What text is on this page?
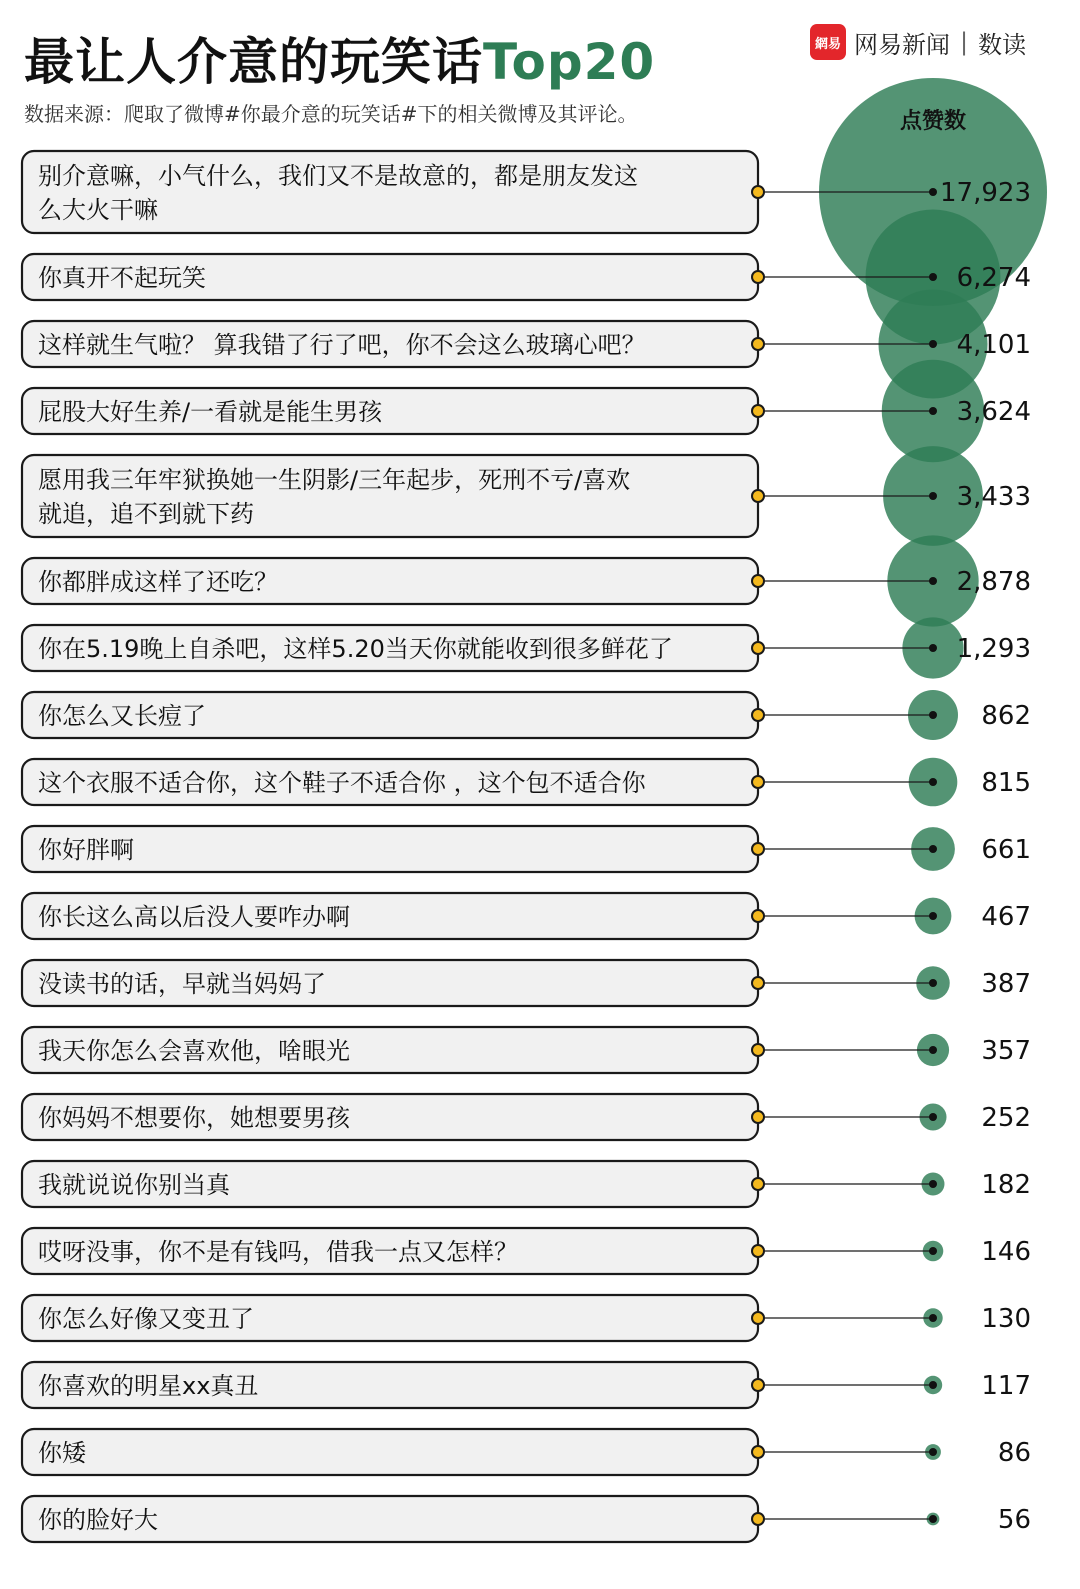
最让人介意的玩笑话Top20	網易 网易新闻 | 数读
数据来源：爬取了微博#你最介意的玩笑话#下的相关微博及其评论。	点赞数
别介意嘛，小气什么，我们又不是故意的，都是朋友发这
么大火干嘛
17,923
你真开不起玩笑	6,274
这样就生气啦？ 算我错了行了吧，你不会这么玻璃心吧？	4,101
屁股大好生养/一看就是能生男孩	3,624
愿用我三年牢狱换她一生阴影/三年起步，死刑不亏/喜欢
就追，追不到就下药
3,433
你都胖成这样了还吃？	2,878
你在5.19晚上自杀吧，这样5.20当天你就能收到很多鲜花了	1,293
你怎么又长痘了	862
这个衣服不适合你，这个鞋子不适合你 ，这个包不适合你	815
你好胖啊	661
你长这么高以后没人要咋办啊	467
没读书的话，早就当妈妈了	387
我天你怎么会喜欢他，啥眼光	357
你妈妈不想要你，她想要男孩	252
我就说说你别当真	182
哎呀没事，你不是有钱吗，借我一点又怎样？	146
你怎么好像又变丑了	130
你喜欢的明星xx真丑	117
你矮	86
你的脸好大	56
